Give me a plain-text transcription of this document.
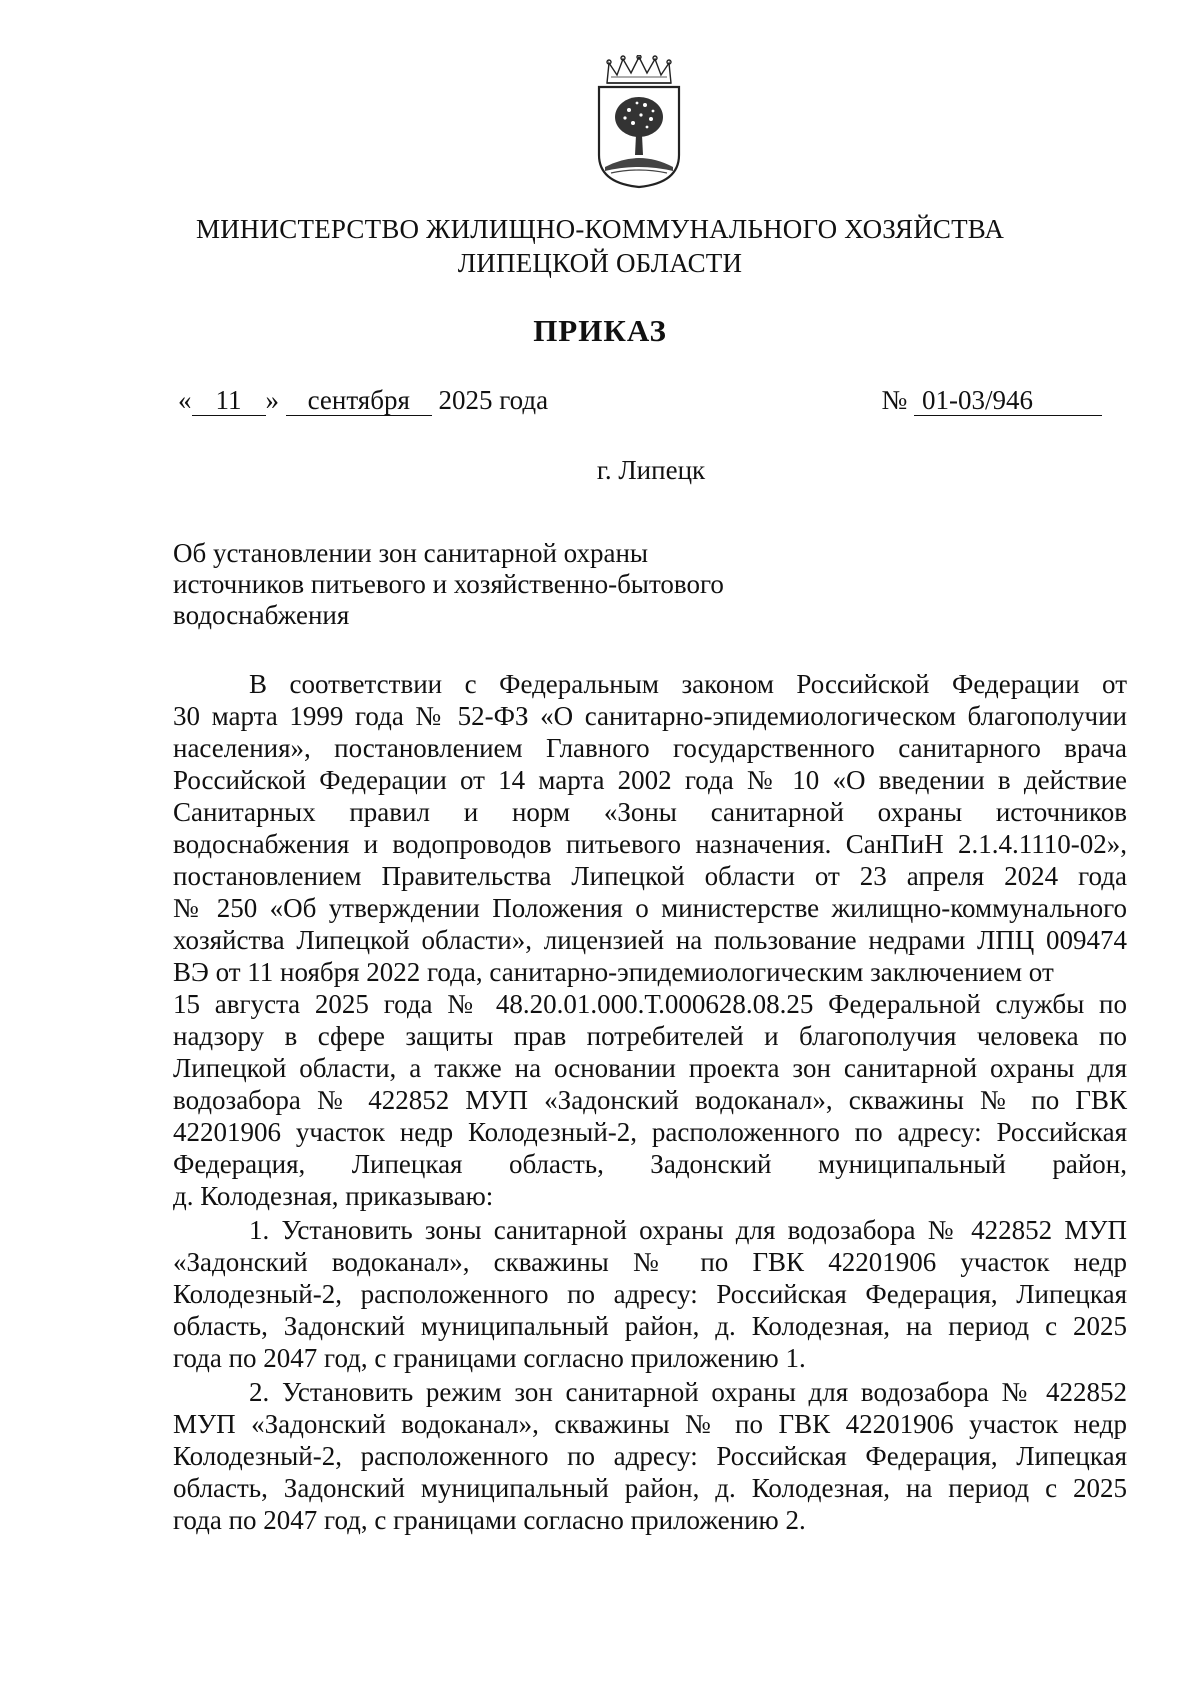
МИНИСТЕРСТВО ЖИЛИЩНО-КОММУНАЛЬНОГО ХОЗЯЙСТВА
ЛИПЕЦКОЙ ОБЛАСТИ
ПРИКАЗ
« 11 » сентября 2025 года	№ 01-03/946
г. Липецк
Об установлении зон санитарной охраны
источников питьевого и хозяйственно-бытового
водоснабжения
В соответствии с Федеральным законом Российской Федерации от
30 марта 1999 года № 52-ФЗ «О санитарно-эпидемиологическом благополучии
населения», постановлением Главного государственного санитарного врача
Российской Федерации от 14 марта 2002 года № 10 «О введении в действие
Санитарных правил и норм «Зоны санитарной охраны источников
водоснабжения и водопроводов питьевого назначения. СанПиН 2.1.4.1110-02»,
постановлением Правительства Липецкой области от 23 апреля 2024 года
№ 250 «Об утверждении Положения о министерстве жилищно-коммунального
хозяйства Липецкой области», лицензией на пользование недрами ЛПЦ 009474
ВЭ от 11 ноября 2022 года, санитарно-эпидемиологическим заключением от
15 августа 2025 года № 48.20.01.000.Т.000628.08.25 Федеральной службы по
надзору в сфере защиты прав потребителей и благополучия человека по
Липецкой области, а также на основании проекта зон санитарной охраны для
водозабора № 422852 МУП «Задонский водоканал», скважины № по ГВК
42201906 участок недр Колодезный-2, расположенного по адресу: Российская
Федерация, Липецкая область, Задонский муниципальный район,
д. Колодезная, приказываю:
1. Установить зоны санитарной охраны для водозабора № 422852 МУП
«Задонский водоканал», скважины № по ГВК 42201906 участок недр
Колодезный-2, расположенного по адресу: Российская Федерация, Липецкая
область, Задонский муниципальный район, д. Колодезная, на период с 2025
года по 2047 год, с границами согласно приложению 1.
2. Установить режим зон санитарной охраны для водозабора № 422852
МУП «Задонский водоканал», скважины № по ГВК 42201906 участок недр
Колодезный-2, расположенного по адресу: Российская Федерация, Липецкая
область, Задонский муниципальный район, д. Колодезная, на период с 2025
года по 2047 год, с границами согласно приложению 2.
